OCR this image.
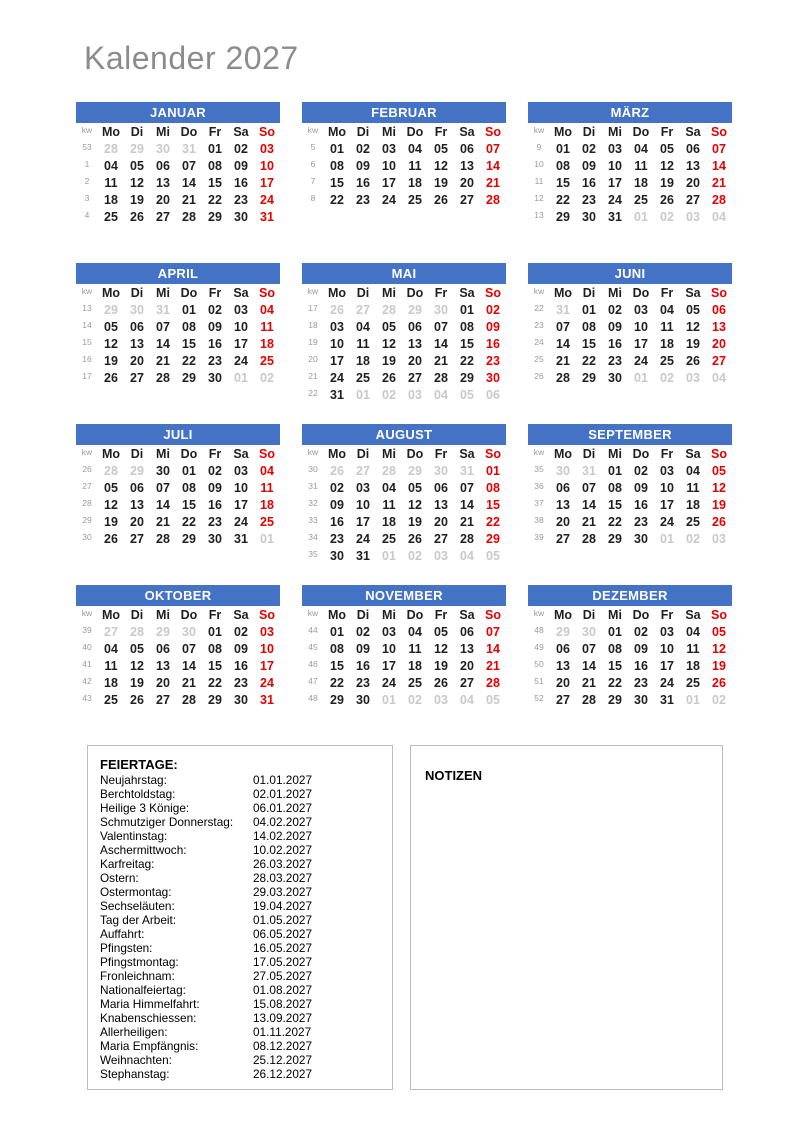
Kalender 2027
JANUAR
kw Mo Di	Mi Do Fr Sa So
53 28 29 30 31 01 02 03
1	04 05 06 07 08 09 10
2	11 12 13 14 15 16 17
3	18 19 20 21 22 23 24
4	25 26 27 28 29 30 31
FEBRUAR
kw Mo Di	Mi Do Fr Sa So
5	01 02 03 04 05 06 07
6	08 09 10 11 12 13 14
7	15 16 17 18 19 20 21
8	22 23 24 25 26 27 28
MÄRZ
kw Mo Di	Mi Do Fr Sa So
9	01 02 03 04 05 06 07
10 08 09 10 11 12 13 14
11	15 16 17 18 19 20 21
12 22 23 24 25 26 27 28
13 29 30 31 01 02 03 04
APRIL
kw Mo Di	Mi Do Fr Sa So
13 29 30 31 01 02 03 04
14 05 06 07 08 09 10 11
15 12 13 14 15 16 17 18
16 19 20 21 22 23 24 25
17 26 27 28 29 30 01 02
MAI
kw Mo Di	Mi Do Fr Sa So
17 26 27 28 29 30 01 02
18 03 04 05 06 07 08 09
19 10 11 12 13 14 15 16
20 17 18 19 20 21 22 23
21 24 25 26 27 28 29 30
22 31 01 02 03 04 05 06
JUNI
kw Mo Di	Mi Do Fr Sa So
22 31 01 02 03 04 05 06
23 07 08 09 10 11 12 13
24 14 15 16 17 18 19 20
25 21 22 23 24 25 26 27
26 28 29 30 01 02 03 04
JULI
kw Mo Di	Mi Do Fr Sa So
26 28 29 30 01 02 03 04
27 05 06 07 08 09 10 11
28 12 13 14 15 16 17 18
29 19 20 21 22 23 24 25
30 26 27 28 29 30 31 01
AUGUST
kw Mo Di	Mi Do Fr Sa So
30 26 27 28 29 30 31 01
31 02 03 04 05 06 07 08
32 09 10 11 12 13 14 15
33 16 17 18 19 20 21 22
34 23 24 25 26 27 28 29
35 30 31 01 02 03 04 05
SEPTEMBER
kw Mo Di	Mi Do Fr Sa So
35 30 31 01 02 03 04 05
36 06 07 08 09 10 11 12
37 13 14 15 16 17 18 19
38 20 21 22 23 24 25 26
39 27 28 29 30 01 02 03
OKTOBER
kw Mo Di	Mi Do Fr Sa So
39 27 28 29 30 01 02 03
40 04 05 06 07 08 09 10
41	11 12 13 14 15 16 17
42 18 19 20 21 22 23 24
43 25 26 27 28 29 30 31
NOVEMBER
kw Mo Di	Mi Do Fr Sa So
44 01 02 03 04 05 06 07
45 08 09 10 11 12 13 14
46 15 16 17 18 19 20 21
47 22 23 24 25 26 27 28
48 29 30 01 02 03 04 05
DEZEMBER
kw Mo Di	Mi Do Fr Sa So
48 29 30 01 02 03 04 05
49 06 07 08 09 10 11 12
50 13 14 15 16 17 18 19
51 20 21 22 23 24 25 26
52 27 28 29 30 31 01 02
FEIERTAGE:
Neujahrstag:	01.01.2027
Berchtoldstag:	02.01.2027
Heilige 3 Könige:	06.01.2027
Schmutziger Donnerstag:	04.02.2027
Valentinstag:	14.02.2027
Aschermittwoch:	10.02.2027
Karfreitag:	26.03.2027
Ostern:	28.03.2027
Ostermontag:	29.03.2027
Sechseläuten:	19.04.2027
Tag der Arbeit:	01.05.2027
Auffahrt:	06.05.2027
Pfingsten:	16.05.2027
Pfingstmontag:	17.05.2027
Fronleichnam:	27.05.2027
Nationalfeiertag:	01.08.2027
Maria Himmelfahrt:	15.08.2027
Knabenschiessen:	13.09.2027
Allerheiligen:	01.11.2027
Maria Empfängnis:	08.12.2027
Weihnachten:	25.12.2027
Stephanstag:	26.12.2027
NOTIZEN
